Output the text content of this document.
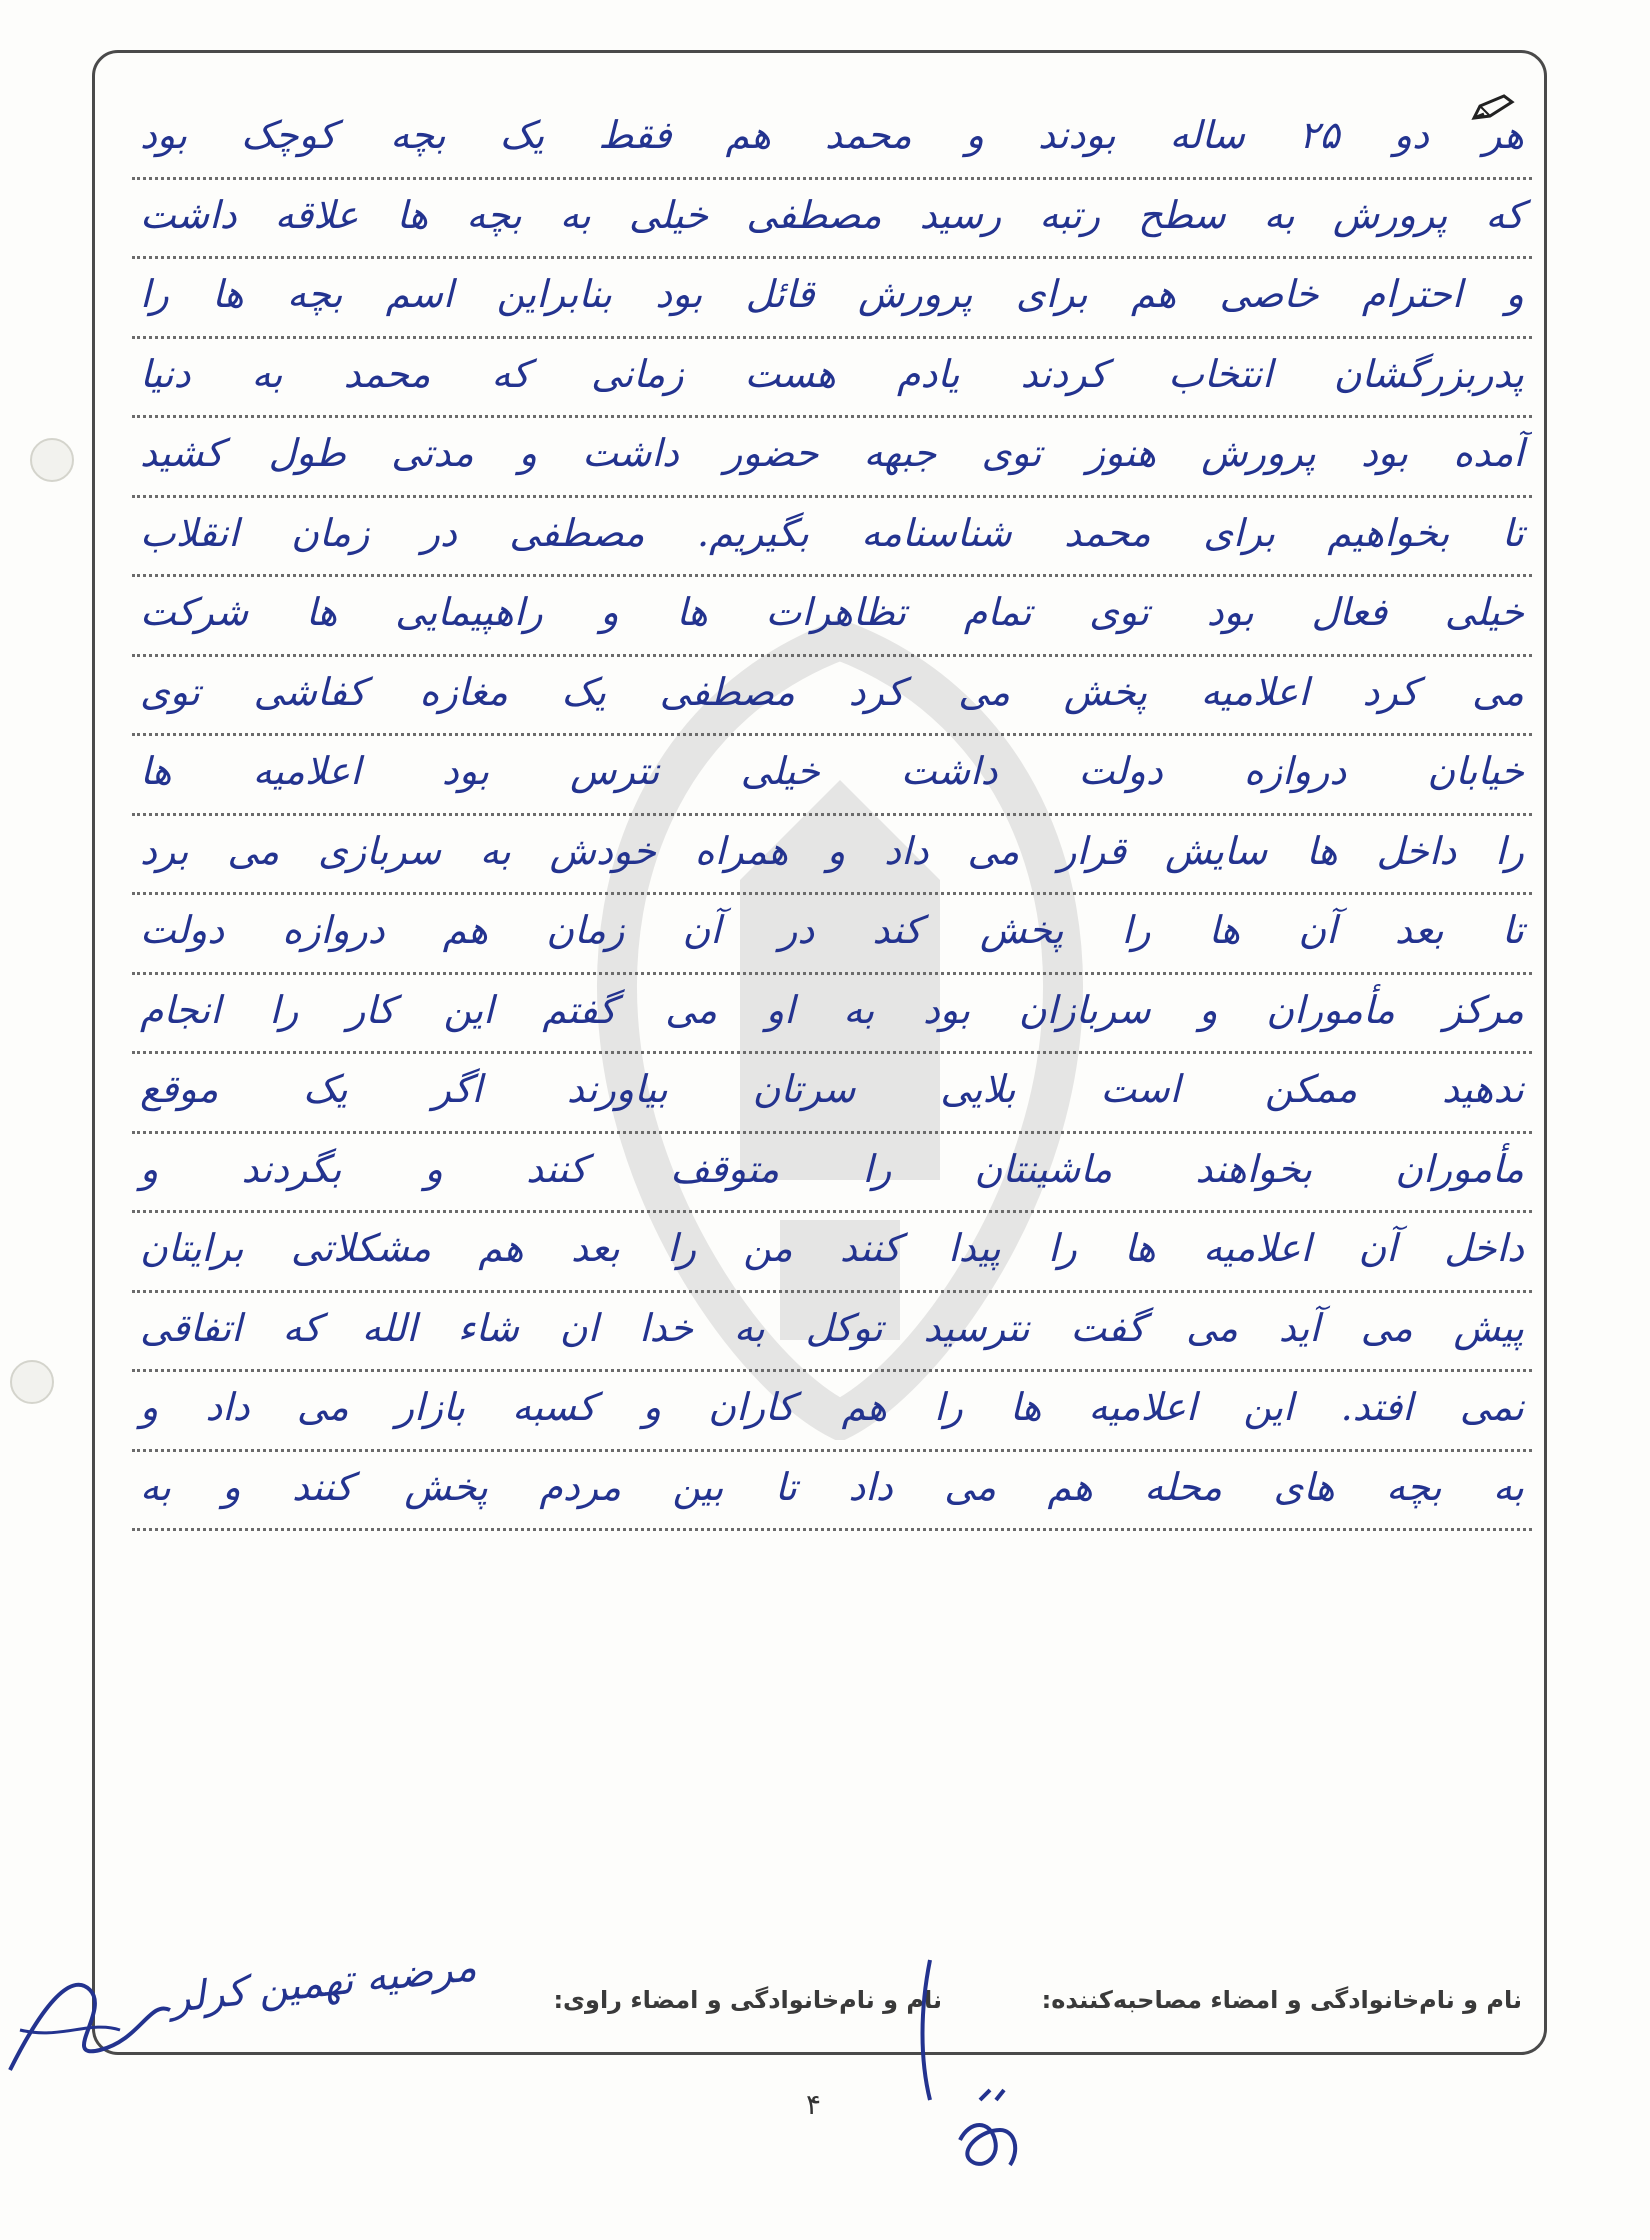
هر دو ۲۵ ساله بودند و محمد هم فقط یک بچه کوچک بود
که پرورش به سطح رتبه رسید مصطفی خیلی به بچه ها علاقه داشت
و احترام خاصی هم برای پرورش قائل بود بنابراین اسم بچه ها را
پدربزرگشان انتخاب کردند یادم هست زمانی که محمد به دنیا
آمده بود پرورش هنوز توی جبهه حضور داشت و مدتی طول کشید
تا بخواهیم برای محمد شناسنامه بگیریم. مصطفی در زمان انقلاب
خیلی فعال بود توی تمام تظاهرات ها و راهپیمایی ها شرکت
می کرد اعلامیه پخش می کرد مصطفی یک مغازه کفاشی توی
خیابان دروازه دولت داشت خیلی نترس بود اعلامیه ها
را داخل ها سایش قرار می داد و همراه خودش به سربازی می برد
تا بعد آن ها را پخش کند در آن زمان هم دروازه دولت
مرکز مأموران و سربازان بود به او می گفتم این کار را انجام
ندهید ممکن است بلایی سرتان بیاورند اگر یک موقع
مأموران بخواهند ماشینتان را متوقف کنند و بگردند و
داخل آن اعلامیه ها را پیدا کنند من را بعد هم مشکلاتی برایتان
پیش می آید می گفت نترسید توکل به خدا ان شاء الله که اتفاقی
نمی افتد. این اعلامیه ها را هم کاران و کسبه بازار می داد و
به بچه های محله هم می داد تا بین مردم پخش کنند و به
نام و نام‌خانوادگی و امضاء مصاحبه‌کننده:
نام و نام‌خانوادگی و امضاء راوی:
مرضیه تهمین کرلر
۴
